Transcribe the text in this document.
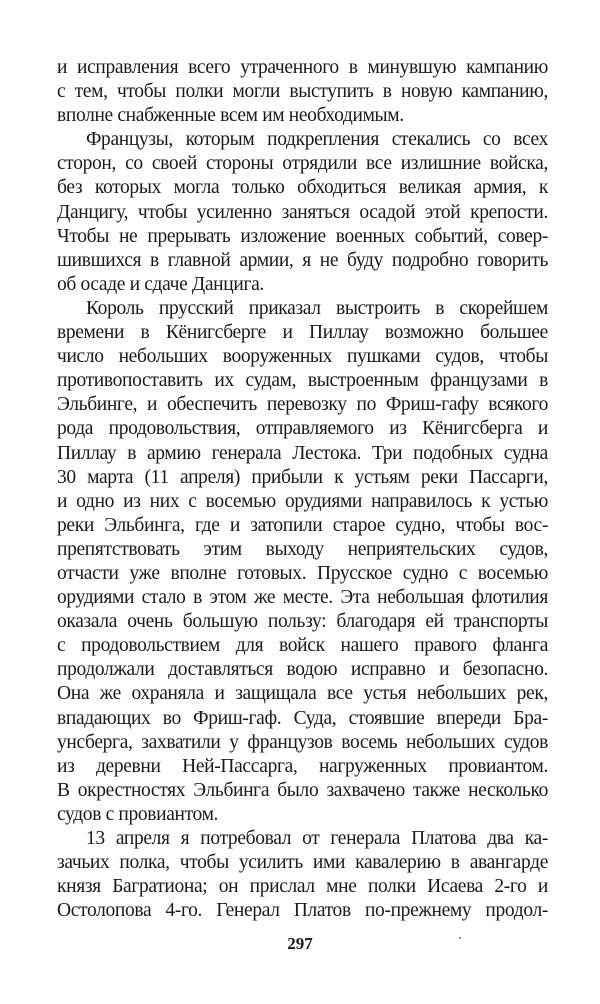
и исправления всего утраченного в минувшую кампанию
с тем, чтобы полки могли выступить в новую кампанию,
вполне снабженные всем им необходимым.
Французы, которым подкрепления стекались со всех
сторон, со своей стороны отрядили все излишние войска,
без которых могла только обходиться великая армия, к
Данцигу, чтобы усиленно заняться осадой этой крепости.
Чтобы не прерывать изложение военных событий, совер-
шившихся в главной армии, я не буду подробно говорить
об осаде и сдаче Данцига.
Король прусский приказал выстроить в скорейшем
времени в Кёнигсберге и Пиллау возможно большее
число небольших вооруженных пушками судов, чтобы
противопоставить их судам, выстроенным французами в
Эльбинге, и обеспечить перевозку по Фриш-гафу всякого
рода продовольствия, отправляемого из Кёнигсберга и
Пиллау в армию генерала Лестока. Три подобных судна
30 марта (11 апреля) прибыли к устьям реки Пассарги,
и одно из них с восемью орудиями направилось к устью
реки Эльбинга, где и затопили старое судно, чтобы вос-
препятствовать этим выходу неприятельских судов,
отчасти уже вполне готовых. Прусское судно с восемью
орудиями стало в этом же месте. Эта небольшая флотилия
оказала очень большую пользу: благодаря ей транспорты
с продовольствием для войск нашего правого фланга
продолжали доставляться водою исправно и безопасно.
Она же охраняла и защищала все устья небольших рек,
впадающих во Фриш-гаф. Суда, стоявшие впереди Бра-
унсберга, захватили у французов восемь небольших судов
из деревни Ней-Пассарга, нагруженных провиантом.
В окрестностях Эльбинга было захвачено также несколько
судов с провиантом.
13 апреля я потребовал от генерала Платова два ка-
зачьих полка, чтобы усилить ими кавалерию в авангарде
князя Багратиона; он прислал мне полки Исаева 2-го и
Остолопова 4-го. Генерал Платов по-прежнему продол-
297
